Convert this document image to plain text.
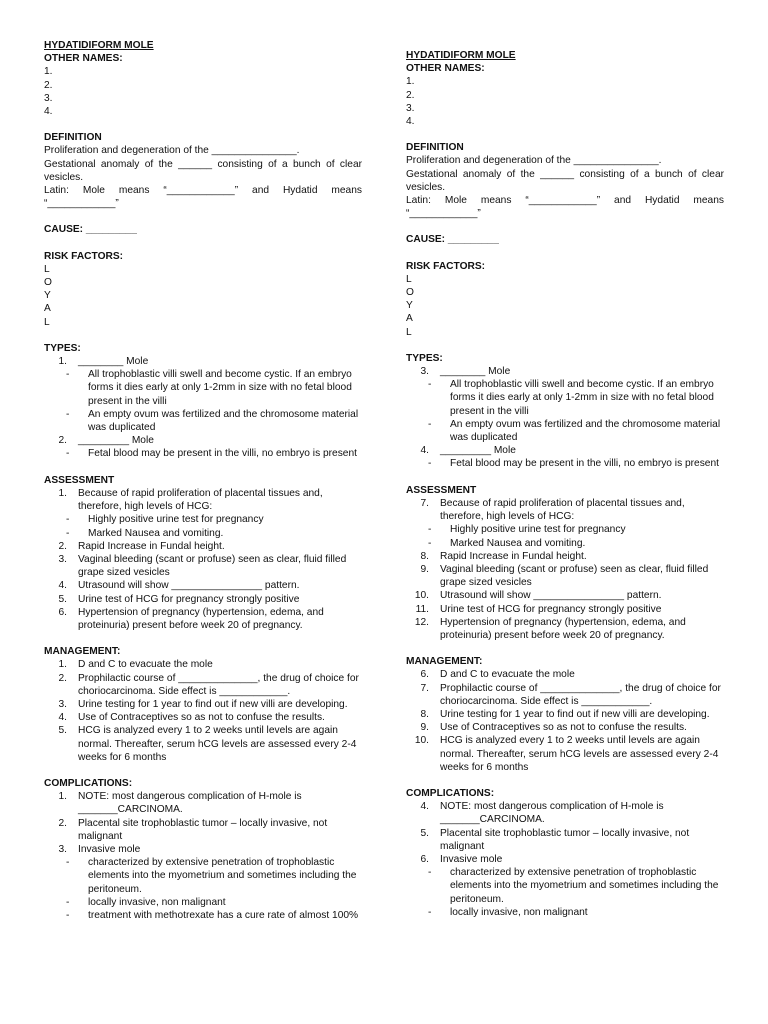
HYDATIDIFORM MOLE
OTHER NAMES:
1.
2.
3.
4.
DEFINITION
Proliferation and degeneration of the _______________.
Gestational anomaly of the ______ consisting of a bunch of clear vesicles.
Latin: Mole means “____________” and Hydatid means “____________”
CAUSE: _________
RISK FACTORS:
L
O
Y
A
L
TYPES:
1.	________ Mole
-	All trophoblastic villi swell and become cystic. If an embryo forms it dies early at only 1-2mm in size with no fetal blood present in the villi
-	An empty ovum was fertilized and the chromosome material was duplicated
2.	_________ Mole
-	Fetal blood may be present in the villi, no embryo is present
ASSESSMENT
1.	Because of rapid proliferation of placental tissues and, therefore, high levels of HCG:
-	Highly positive urine test for pregnancy
-	Marked Nausea and vomiting.
2.	Rapid Increase in Fundal height.
3.	Vaginal bleeding (scant or profuse) seen as clear, fluid filled grape sized vesicles
4.	Utrasound will show ________________ pattern.
5.	Urine test of HCG for pregnancy strongly positive
6.	Hypertension of pregnancy (hypertension, edema, and proteinuria) present before week 20 of pregnancy.
MANAGEMENT:
1.	D and C to evacuate the mole
2.	Prophilactic course of ______________, the drug of choice for choriocarcinoma. Side effect is ____________.
3.	Urine testing for 1 year to find out if new villi are developing.
4.	Use of Contraceptives so as not to confuse the results.
5.	HCG is analyzed every 1 to 2 weeks until levels are again normal. Thereafter, serum hCG levels are assessed every 2-4 weeks for 6 months
COMPLICATIONS:
1.	NOTE: most dangerous complication of H-mole is _______CARCINOMA.
2.	Placental site trophoblastic tumor – locally invasive, not malignant
3.	Invasive mole
-	characterized by extensive penetration of trophoblastic elements into the myometrium and sometimes including the peritoneum.
-	locally invasive, non malignant
-	treatment with methotrexate has a cure rate of almost 100%
HYDATIDIFORM MOLE
OTHER NAMES:
1.
2.
3.
4.
DEFINITION
Proliferation and degeneration of the _______________.
Gestational anomaly of the ______ consisting of a bunch of clear vesicles.
Latin: Mole means “____________” and Hydatid means “____________”
CAUSE: _________
RISK FACTORS:
L
O
Y
A
L
TYPES:
3.	________ Mole
-	All trophoblastic villi swell and become cystic. If an embryo forms it dies early at only 1-2mm in size with no fetal blood present in the villi
-	An empty ovum was fertilized and the chromosome material was duplicated
4.	_________ Mole
-	Fetal blood may be present in the villi, no embryo is present
ASSESSMENT
7.	Because of rapid proliferation of placental tissues and, therefore, high levels of HCG:
-	Highly positive urine test for pregnancy
-	Marked Nausea and vomiting.
8.	Rapid Increase in Fundal height.
9.	Vaginal bleeding (scant or profuse) seen as clear, fluid filled grape sized vesicles
10.	Utrasound will show ________________ pattern.
11.	Urine test of HCG for pregnancy strongly positive
12.	Hypertension of pregnancy (hypertension, edema, and proteinuria) present before week 20 of pregnancy.
MANAGEMENT:
6.	D and C to evacuate the mole
7.	Prophilactic course of ______________, the drug of choice for choriocarcinoma. Side effect is ____________.
8.	Urine testing for 1 year to find out if new villi are developing.
9.	Use of Contraceptives so as not to confuse the results.
10.	HCG is analyzed every 1 to 2 weeks until levels are again normal. Thereafter, serum hCG levels are assessed every 2-4 weeks for 6 months
COMPLICATIONS:
4.	NOTE: most dangerous complication of H-mole is _______CARCINOMA.
5.	Placental site trophoblastic tumor – locally invasive, not malignant
6.	Invasive mole
-	characterized by extensive penetration of trophoblastic elements into the myometrium and sometimes including the peritoneum.
-	locally invasive, non malignant
